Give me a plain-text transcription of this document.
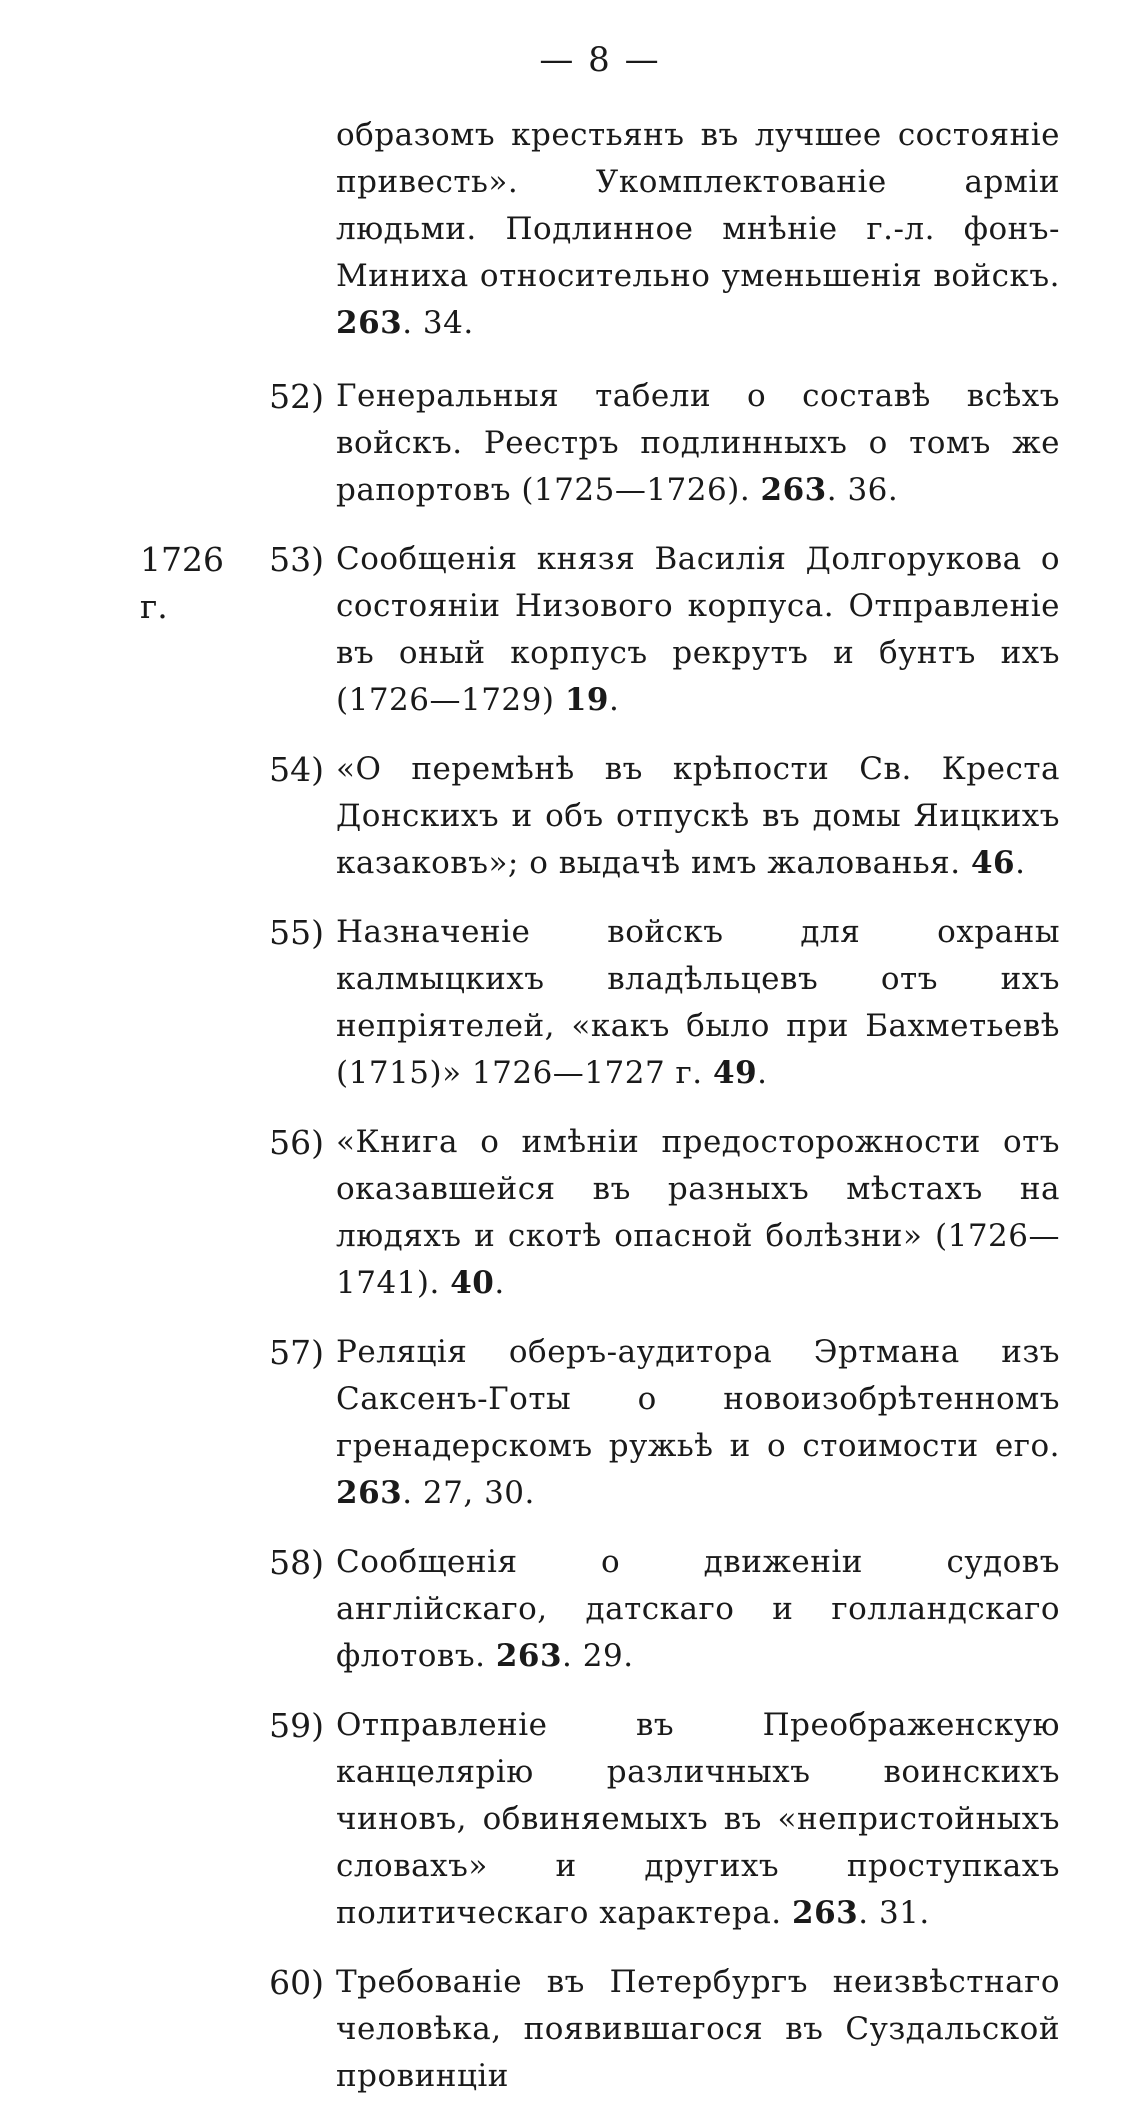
— 8 —
образомъ крестьянъ въ лучшее состояніе привесть». Укомплектованіе арміи людьми. Подлинное мнѣніе г.-л. фонъ-Миниха относительно уменьшенія войскъ. 263. 34.
52) Генеральныя табели о составѣ всѣхъ войскъ. Реестръ подлинныхъ о томъ же рапортовъ (1725—1726). 263. 36.
1726 г.
53) Сообщенія князя Василія Долгорукова о состояніи Низового корпуса. Отправленіе въ оный корпусъ рекрутъ и бунтъ ихъ (1726—1729) 19.
54) «О перемѣнѣ въ крѣпости Св. Креста Донскихъ и объ отпускѣ въ домы Яицкихъ казаковъ»; о выдачѣ имъ жалованья. 46.
55) Назначеніе войскъ для охраны калмыцкихъ владѣльцевъ отъ ихъ непріятелей, «какъ было при Бахметьевѣ (1715)» 1726—1727 г. 49.
56) «Книга о имѣніи предосторожности отъ оказавшейся въ разныхъ мѣстахъ на людяхъ и скотѣ опасной болѣзни» (1726—1741). 40.
57) Реляція оберъ-аудитора Эртмана изъ Саксенъ-Готы о новоизобрѣтенномъ гренадерскомъ ружьѣ и о стоимости его. 263. 27, 30.
58) Сообщенія о движеніи судовъ англійскаго, датскаго и голландскаго флотовъ. 263. 29.
59) Отправленіе въ Преображенскую канцелярію различныхъ воинскихъ чиновъ, обвиняемыхъ въ «непристойныхъ словахъ» и другихъ проступкахъ политическаго характера. 263. 31.
60) Требованіе въ Петербургъ неизвѣстнаго человѣка, появившагося въ Суздальской провинціи
